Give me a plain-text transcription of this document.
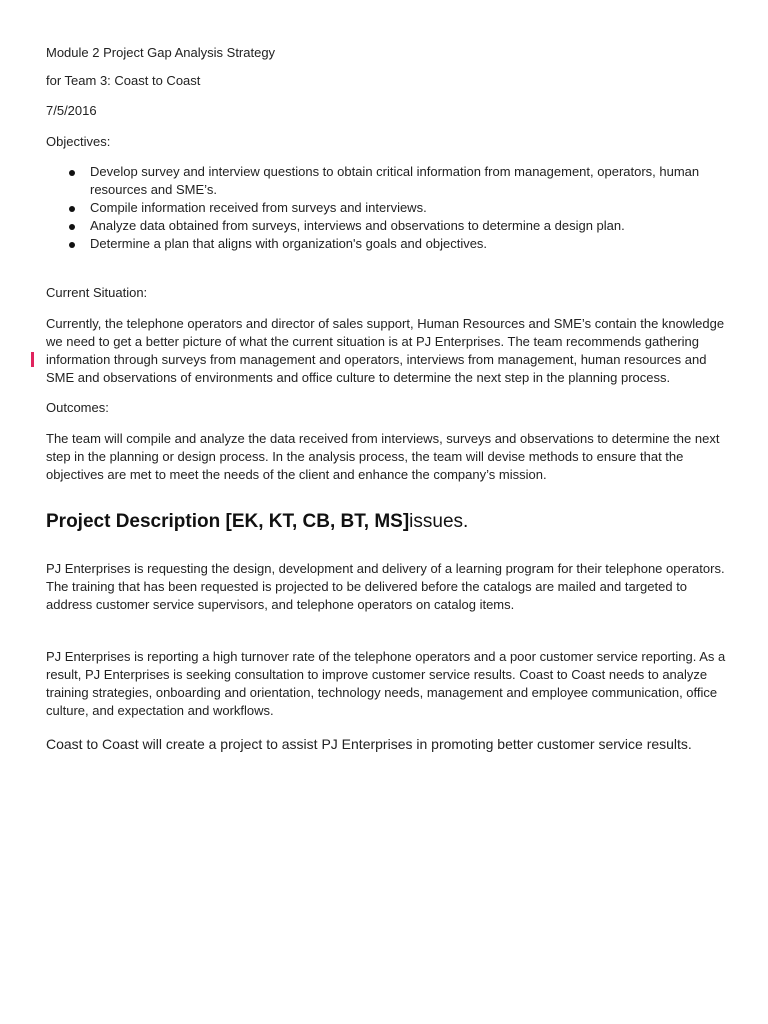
Module 2 Project Gap Analysis Strategy

for Team 3: Coast to Coast

7/5/2016

Objectives:

Develop survey and interview questions to obtain critical information from management, operators, human resources and SME’s.
Compile information received from surveys and interviews.
Analyze data obtained from surveys, interviews and observations to determine a design plan.
Determine a plan that aligns with organization's goals and objectives.

Current Situation:

Currently, the telephone operators and director of sales support, Human Resources and SME’s contain the knowledge we need to get a better picture of what the current situation is at PJ Enterprises. The team recommends gathering information through surveys from management and operators, interviews from management, human resources and SME and observations of environments and office culture to determine the next step in the planning process.

Outcomes:

The team will compile and analyze the data received from interviews, surveys and observations to determine the next step in the planning or design process. In the analysis process, the team will devise methods to ensure that the objectives are met to meet the needs of the client and enhance the company’s mission.

Project Description [EK, KT, CB, BT, MS]issues.

PJ Enterprises is requesting the design, development and delivery of a learning program for their telephone operators. The training that has been requested is projected to be delivered before the catalogs are mailed and targeted to address customer service supervisors, and telephone operators on catalog items.

PJ Enterprises is reporting a high turnover rate of the telephone operators and a poor customer service reporting. As a result, PJ Enterprises is seeking consultation to improve customer service results. Coast to Coast needs to analyze training strategies, onboarding and orientation, technology needs, management and employee communication, office culture, and expectation and workflows.

Coast to Coast will create a project to assist PJ Enterprises in promoting better customer service results.
